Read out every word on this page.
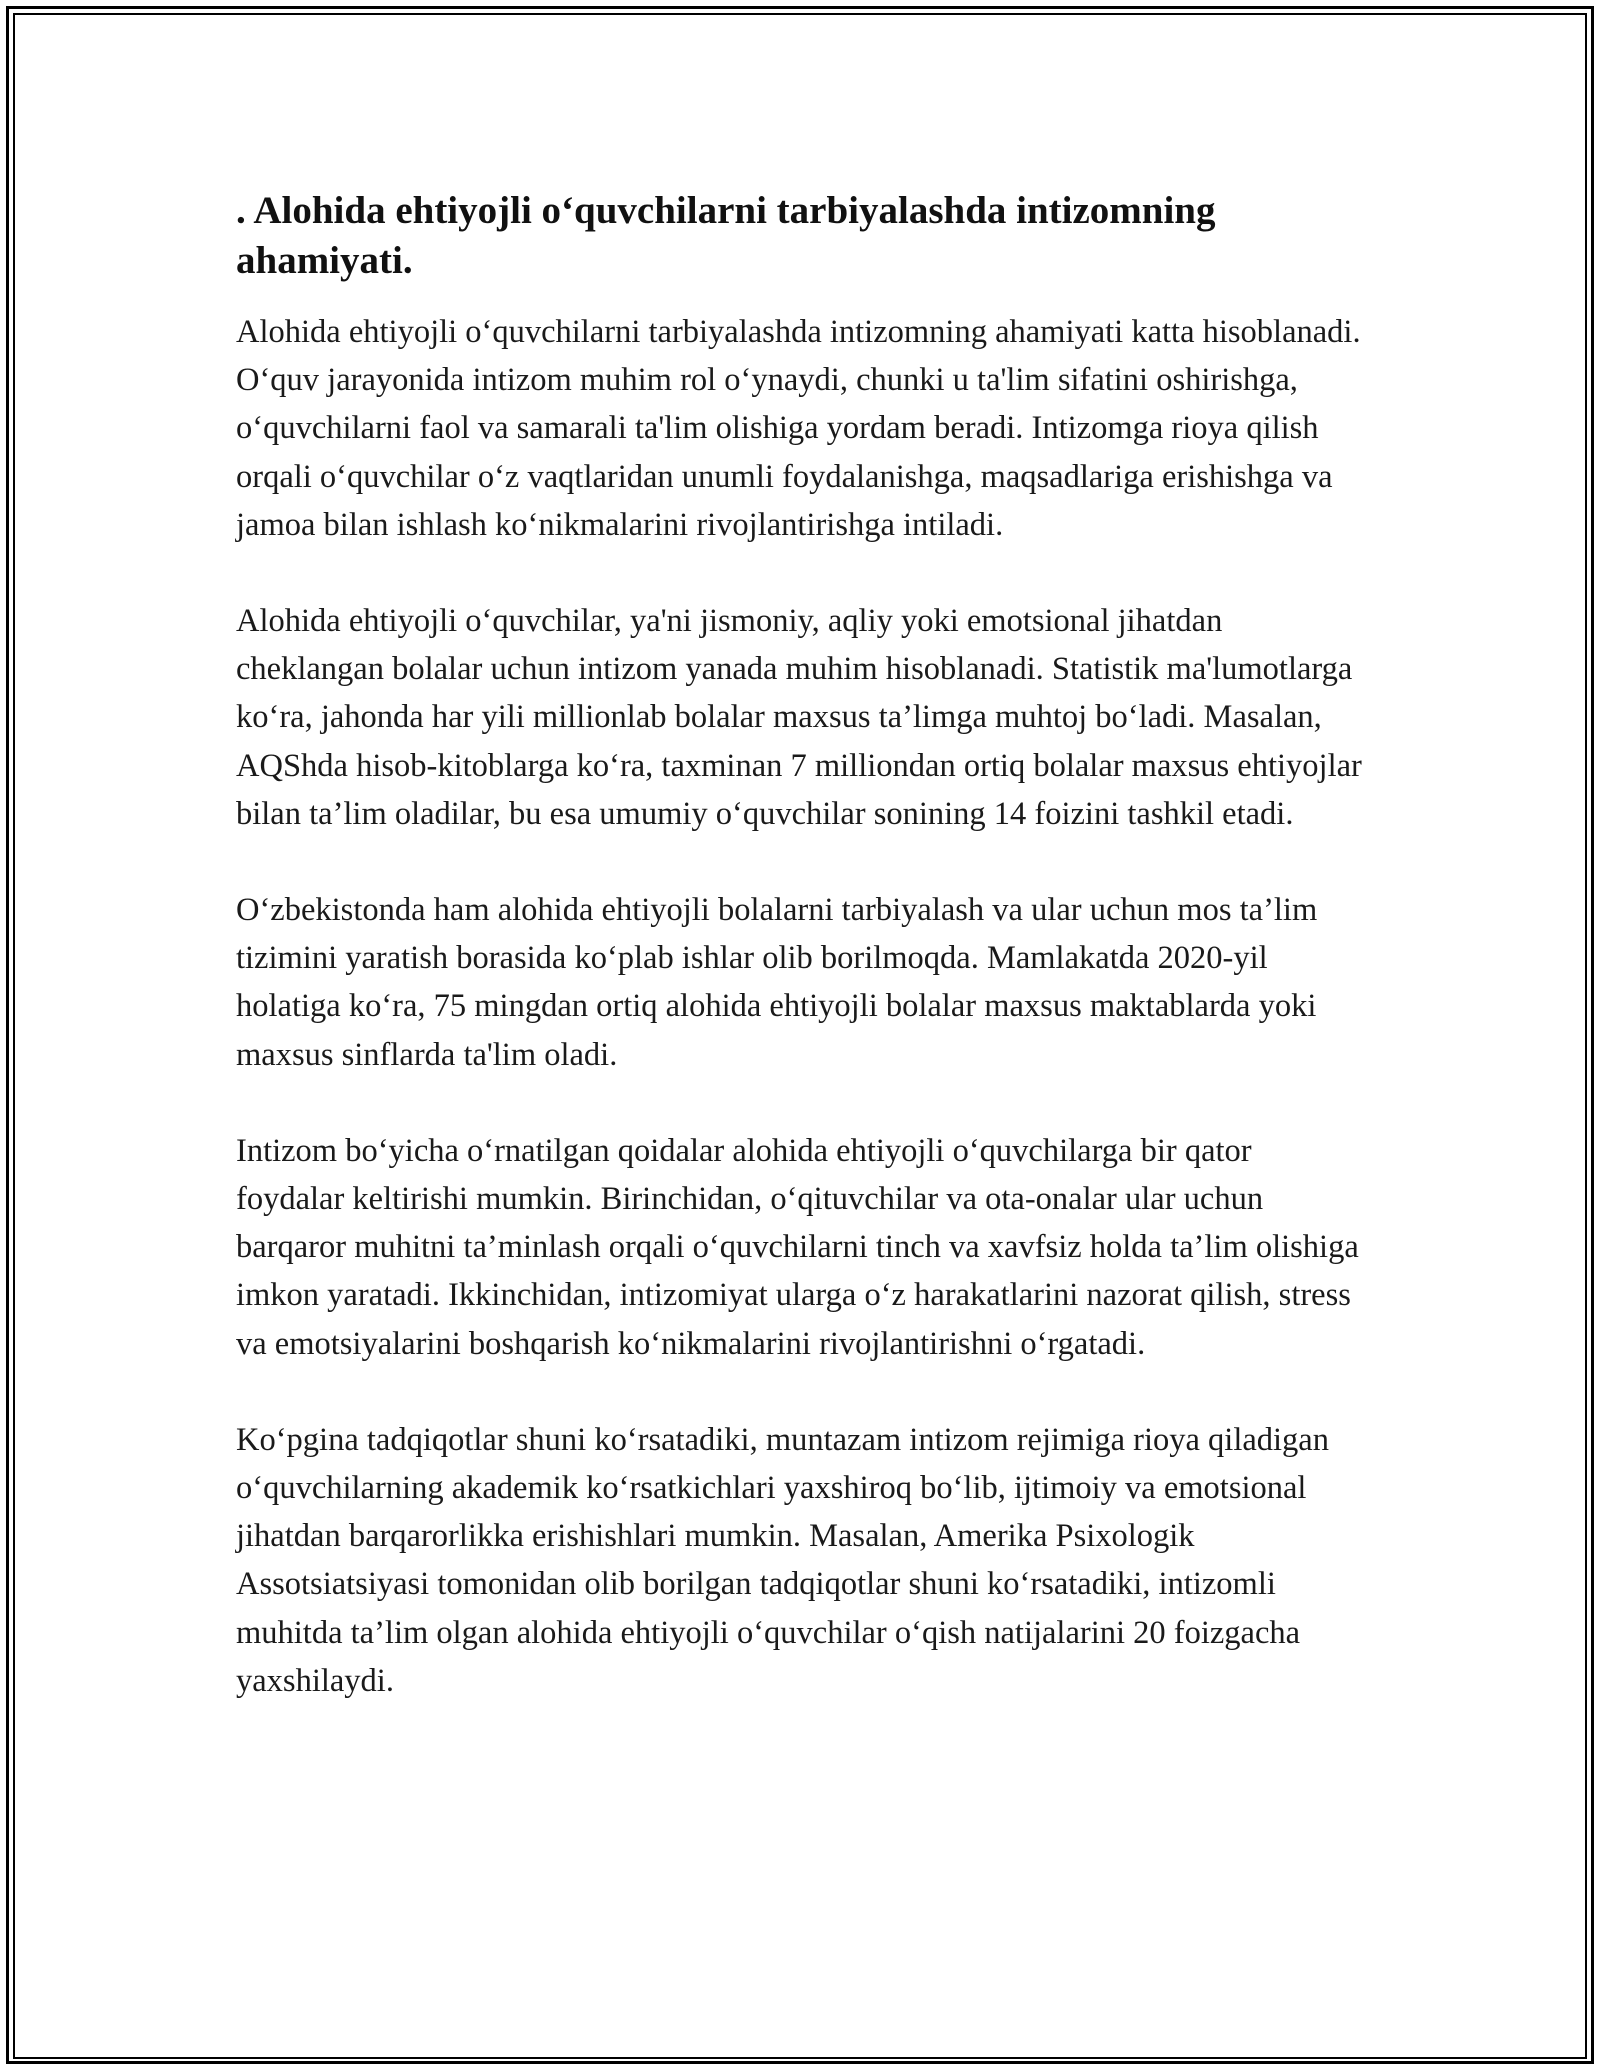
. Alohida ehtiyojli o‘quvchilarni tarbiyalashda intizomning ahamiyati.

Alohida ehtiyojli o‘quvchilarni tarbiyalashda intizomning ahamiyati katta hisoblanadi. O‘quv jarayonida intizom muhim rol o‘ynaydi, chunki u ta'lim sifatini oshirishga, o‘quvchilarni faol va samarali ta'lim olishiga yordam beradi. Intizomga rioya qilish orqali o‘quvchilar o‘z vaqtlaridan unumli foydalanishga, maqsadlariga erishishga va jamoa bilan ishlash ko‘nikmalarini rivojlantirishga intiladi.

Alohida ehtiyojli o‘quvchilar, ya'ni jismoniy, aqliy yoki emotsional jihatdan cheklangan bolalar uchun intizom yanada muhim hisoblanadi. Statistik ma'lumotlarga ko‘ra, jahonda har yili millionlab bolalar maxsus ta’limga muhtoj bo‘ladi. Masalan, AQShda hisob-kitoblarga ko‘ra, taxminan 7 milliondan ortiq bolalar maxsus ehtiyojlar bilan ta’lim oladilar, bu esa umumiy o‘quvchilar sonining 14 foizini tashkil etadi.

O‘zbekistonda ham alohida ehtiyojli bolalarni tarbiyalash va ular uchun mos ta’lim tizimini yaratish borasida ko‘plab ishlar olib borilmoqda. Mamlakatda 2020-yil holatiga ko‘ra, 75 mingdan ortiq alohida ehtiyojli bolalar maxsus maktablarda yoki maxsus sinflarda ta'lim oladi.

Intizom bo‘yicha o‘rnatilgan qoidalar alohida ehtiyojli o‘quvchilarga bir qator foydalar keltirishi mumkin. Birinchidan, o‘qituvchilar va ota-onalar ular uchun barqaror muhitni ta’minlash orqali o‘quvchilarni tinch va xavfsiz holda ta’lim olishiga imkon yaratadi. Ikkinchidan, intizomiyat ularga o‘z harakatlarini nazorat qilish, stress va emotsiyalarini boshqarish ko‘nikmalarini rivojlantirishni o‘rgatadi.

Ko‘pgina tadqiqotlar shuni ko‘rsatadiki, muntazam intizom rejimiga rioya qiladigan o‘quvchilarning akademik ko‘rsatkichlari yaxshiroq bo‘lib, ijtimoiy va emotsional jihatdan barqarorlikka erishishlari mumkin. Masalan, Amerika Psixologik Assotsiatsiyasi tomonidan olib borilgan tadqiqotlar shuni ko‘rsatadiki, intizomli muhitda ta’lim olgan alohida ehtiyojli o‘quvchilar o‘qish natijalarini 20 foizgacha yaxshilaydi.
